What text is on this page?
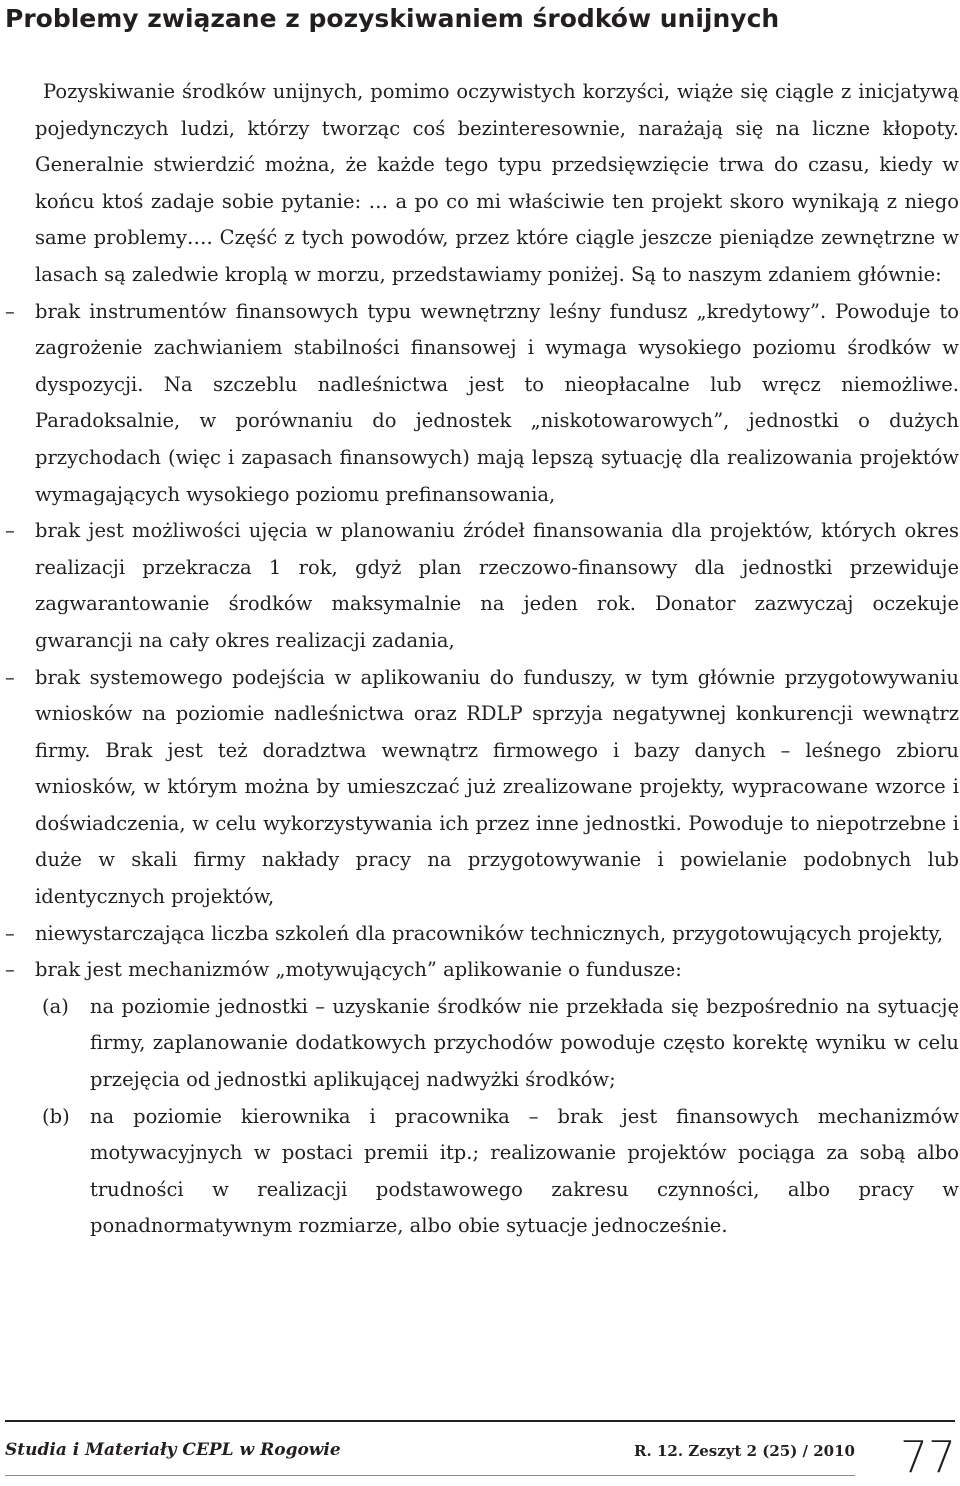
Problemy związane z pozyskiwaniem środków unijnych

Pozyskiwanie środków unijnych, pomimo oczywistych korzyści, wiąże się ciągle z inicjatywą pojedynczych ludzi, którzy tworząc coś bezinteresownie, narażają się na liczne kłopoty. Generalnie stwierdzić można, że każde tego typu przedsięwzięcie trwa do czasu, kiedy w końcu ktoś zadaje sobie pytanie: … a po co mi właściwie ten projekt skoro wynikają z niego same problemy…. Część z tych powodów, przez które ciągle jeszcze pieniądze zewnętrzne w lasach są zaledwie kroplą w morzu, przedstawiamy poniżej. Są to naszym zdaniem głównie:

–	brak instrumentów finansowych typu wewnętrzny leśny fundusz „kredytowy”. Powoduje to zagrożenie zachwianiem stabilności finansowej i wymaga wysokiego poziomu środków w dyspozycji. Na szczeblu nadleśnictwa jest to nieopłacalne lub wręcz niemożliwe. Paradoksalnie, w porównaniu do jednostek „niskotowarowych”, jednostki o dużych przychodach (więc i zapasach finansowych) mają lepszą sytuację dla realizowania projektów wymagających wysokiego poziomu prefinansowania,
–	brak jest możliwości ujęcia w planowaniu źródeł finansowania dla projektów, których okres realizacji przekracza 1 rok, gdyż plan rzeczowo-finansowy dla jednostki przewiduje zagwarantowanie środków maksymalnie na jeden rok. Donator zazwyczaj oczekuje gwarancji na cały okres realizacji zadania,
–	brak systemowego podejścia w aplikowaniu do funduszy, w tym głównie przygotowywaniu wniosków na poziomie nadleśnictwa oraz RDLP sprzyja negatywnej konkurencji wewnątrz firmy. Brak jest też doradztwa wewnątrz firmowego i bazy danych – leśnego zbioru wniosków, w którym można by umieszczać już zrealizowane projekty, wypracowane wzorce i doświadczenia, w celu wykorzystywania ich przez inne jednostki. Powoduje to niepotrzebne i duże w skali firmy nakłady pracy na przygotowywanie i powielanie podobnych lub identycznych projektów,
–	niewystarczająca liczba szkoleń dla pracowników technicznych, przygotowujących projekty,
–	brak jest mechanizmów „motywujących” aplikowanie o fundusze:
(a) na poziomie jednostki – uzyskanie środków nie przekłada się bezpośrednio na sytuację firmy, zaplanowanie dodatkowych przychodów powoduje często korektę wyniku w celu przejęcia od jednostki aplikującej nadwyżki środków;
(b) na poziomie kierownika i pracownika – brak jest finansowych mechanizmów motywacyjnych w postaci premii itp.; realizowanie projektów pociąga za sobą albo trudności w realizacji podstawowego zakresu czynności, albo pracy w ponadnormatywnym rozmiarze, albo obie sytuacje jednocześnie.
Studia i Materiały CEPL w Rogowie	R. 12. Zeszyt 2 (25) / 2010 77
